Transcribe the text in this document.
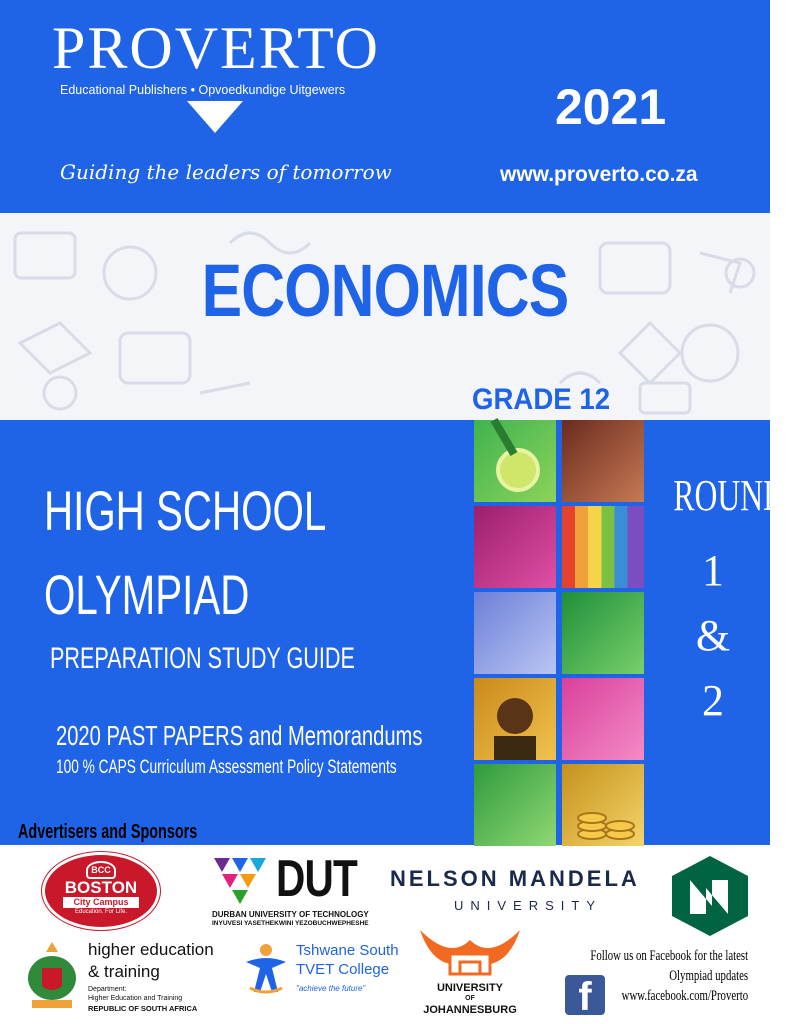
PROVERTO
Educational Publishers • Opvoedkundige Uitgewers
Guiding the leaders of tomorrow
2021
www.proverto.co.za
ECONOMICS
GRADE 12
HIGH SCHOOL
OLYMPIAD
PREPARATION STUDY GUIDE
2020 PAST PAPERS and Memorandums
100 % CAPS Curriculum Assessment Policy Statements
ROUND
1
&
2
Advertisers and Sponsors
BCC
BOSTON
City Campus
Education. For Life.
DUT
DURBAN UNIVERSITY OF TECHNOLOGY
INYUVESI YASETHEKWINI YEZOBUCHWEPHESHE
NELSON MANDELA
UNIVERSITY
higher education
& training
Department:
Higher Education and Training
REPUBLIC OF SOUTH AFRICA
Tshwane South
TVET College
"achieve the future"	UNIVERSITY
OF
JOHANNESBURG	f
Follow us on Facebook for the latest
Olympiad updates
www.facebook.com/Proverto
